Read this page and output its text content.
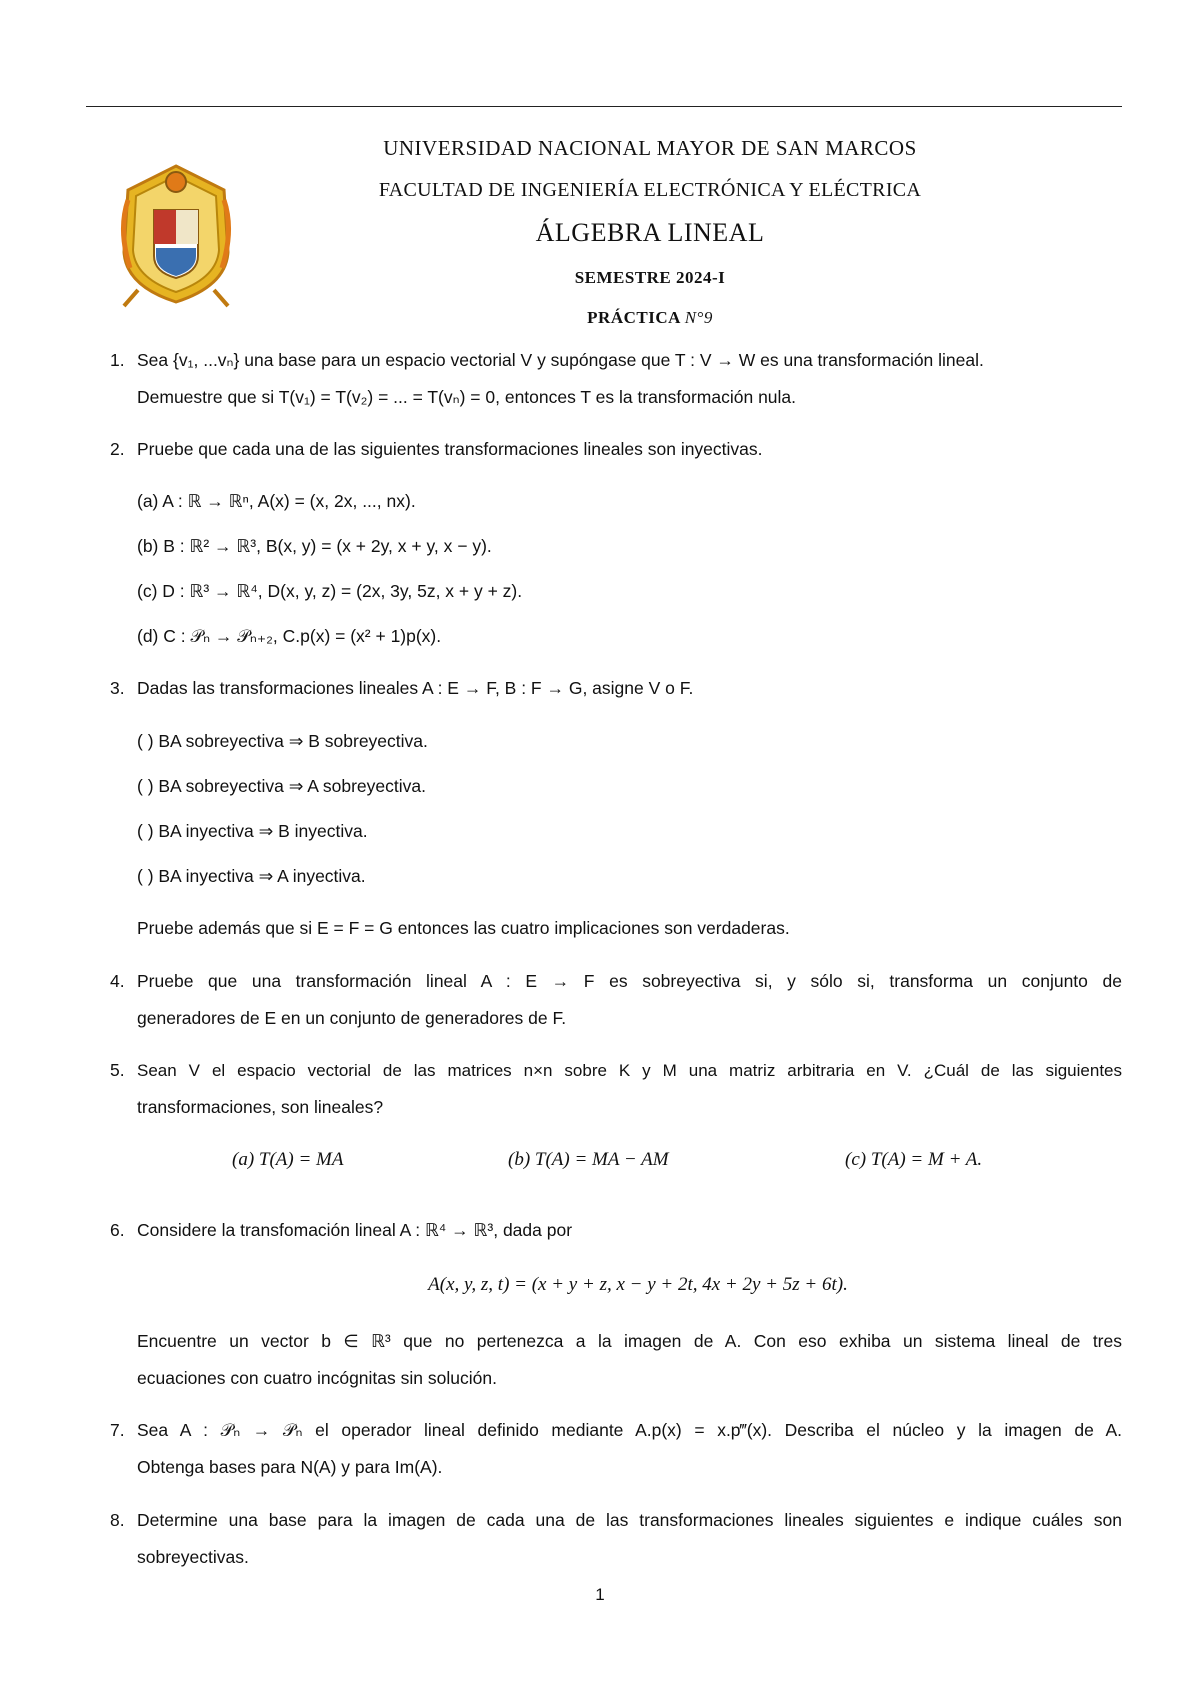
UNIVERSIDAD NACIONAL MAYOR DE SAN MARCOS
FACULTAD DE INGENIERÍA ELECTRÓNICA Y ELÉCTRICA
ÁLGEBRA LINEAL
SEMESTRE 2024-I
PRÁCTICA N°9
1. Sea {v₁, ...vₙ} una base para un espacio vectorial V y supóngase que T : V → W es una transformación lineal.
Demuestre que si T(v₁) = T(v₂) = ... = T(vₙ) = 0, entonces T es la transformación nula.
2. Pruebe que cada una de las siguientes transformaciones lineales son inyectivas.
(a) A : ℝ → ℝⁿ, A(x) = (x, 2x, ..., nx).
(b) B : ℝ² → ℝ³, B(x, y) = (x + 2y, x + y, x − y).
(c) D : ℝ³ → ℝ⁴, D(x, y, z) = (2x, 3y, 5z, x + y + z).
(d) C : 𝒫ₙ → 𝒫ₙ₊₂, C.p(x) = (x² + 1)p(x).
3. Dadas las transformaciones lineales A : E → F, B : F → G, asigne V o F.
( ) BA sobreyectiva ⇒ B sobreyectiva.
( ) BA sobreyectiva ⇒ A sobreyectiva.
( ) BA inyectiva ⇒ B inyectiva.
( ) BA inyectiva ⇒ A inyectiva.
Pruebe además que si E = F = G entonces las cuatro implicaciones son verdaderas.
4. Pruebe que una transformación lineal A : E → F es sobreyectiva si, y sólo si, transforma un conjunto de
generadores de E en un conjunto de generadores de F.
5. Sean V el espacio vectorial de las matrices n×n sobre K y M una matriz arbitraria en V. ¿Cuál de las siguientes
transformaciones, son lineales?
(a) T(A) = MA	(b) T(A) = MA − AM	(c) T(A) = M + A.
6. Considere la transfomación lineal A : ℝ⁴ → ℝ³, dada por
A(x, y, z, t) = (x + y + z, x − y + 2t, 4x + 2y + 5z + 6t).
Encuentre un vector b ∈ ℝ³ que no pertenezca a la imagen de A. Con eso exhiba un sistema lineal de tres
ecuaciones con cuatro incógnitas sin solución.
7. Sea A : 𝒫ₙ → 𝒫ₙ el operador lineal definido mediante A.p(x) = x.p‴(x). Describa el núcleo y la imagen de A.
Obtenga bases para N(A) y para Im(A).
8. Determine una base para la imagen de cada una de las transformaciones lineales siguientes e indique cuáles son
sobreyectivas.
1
